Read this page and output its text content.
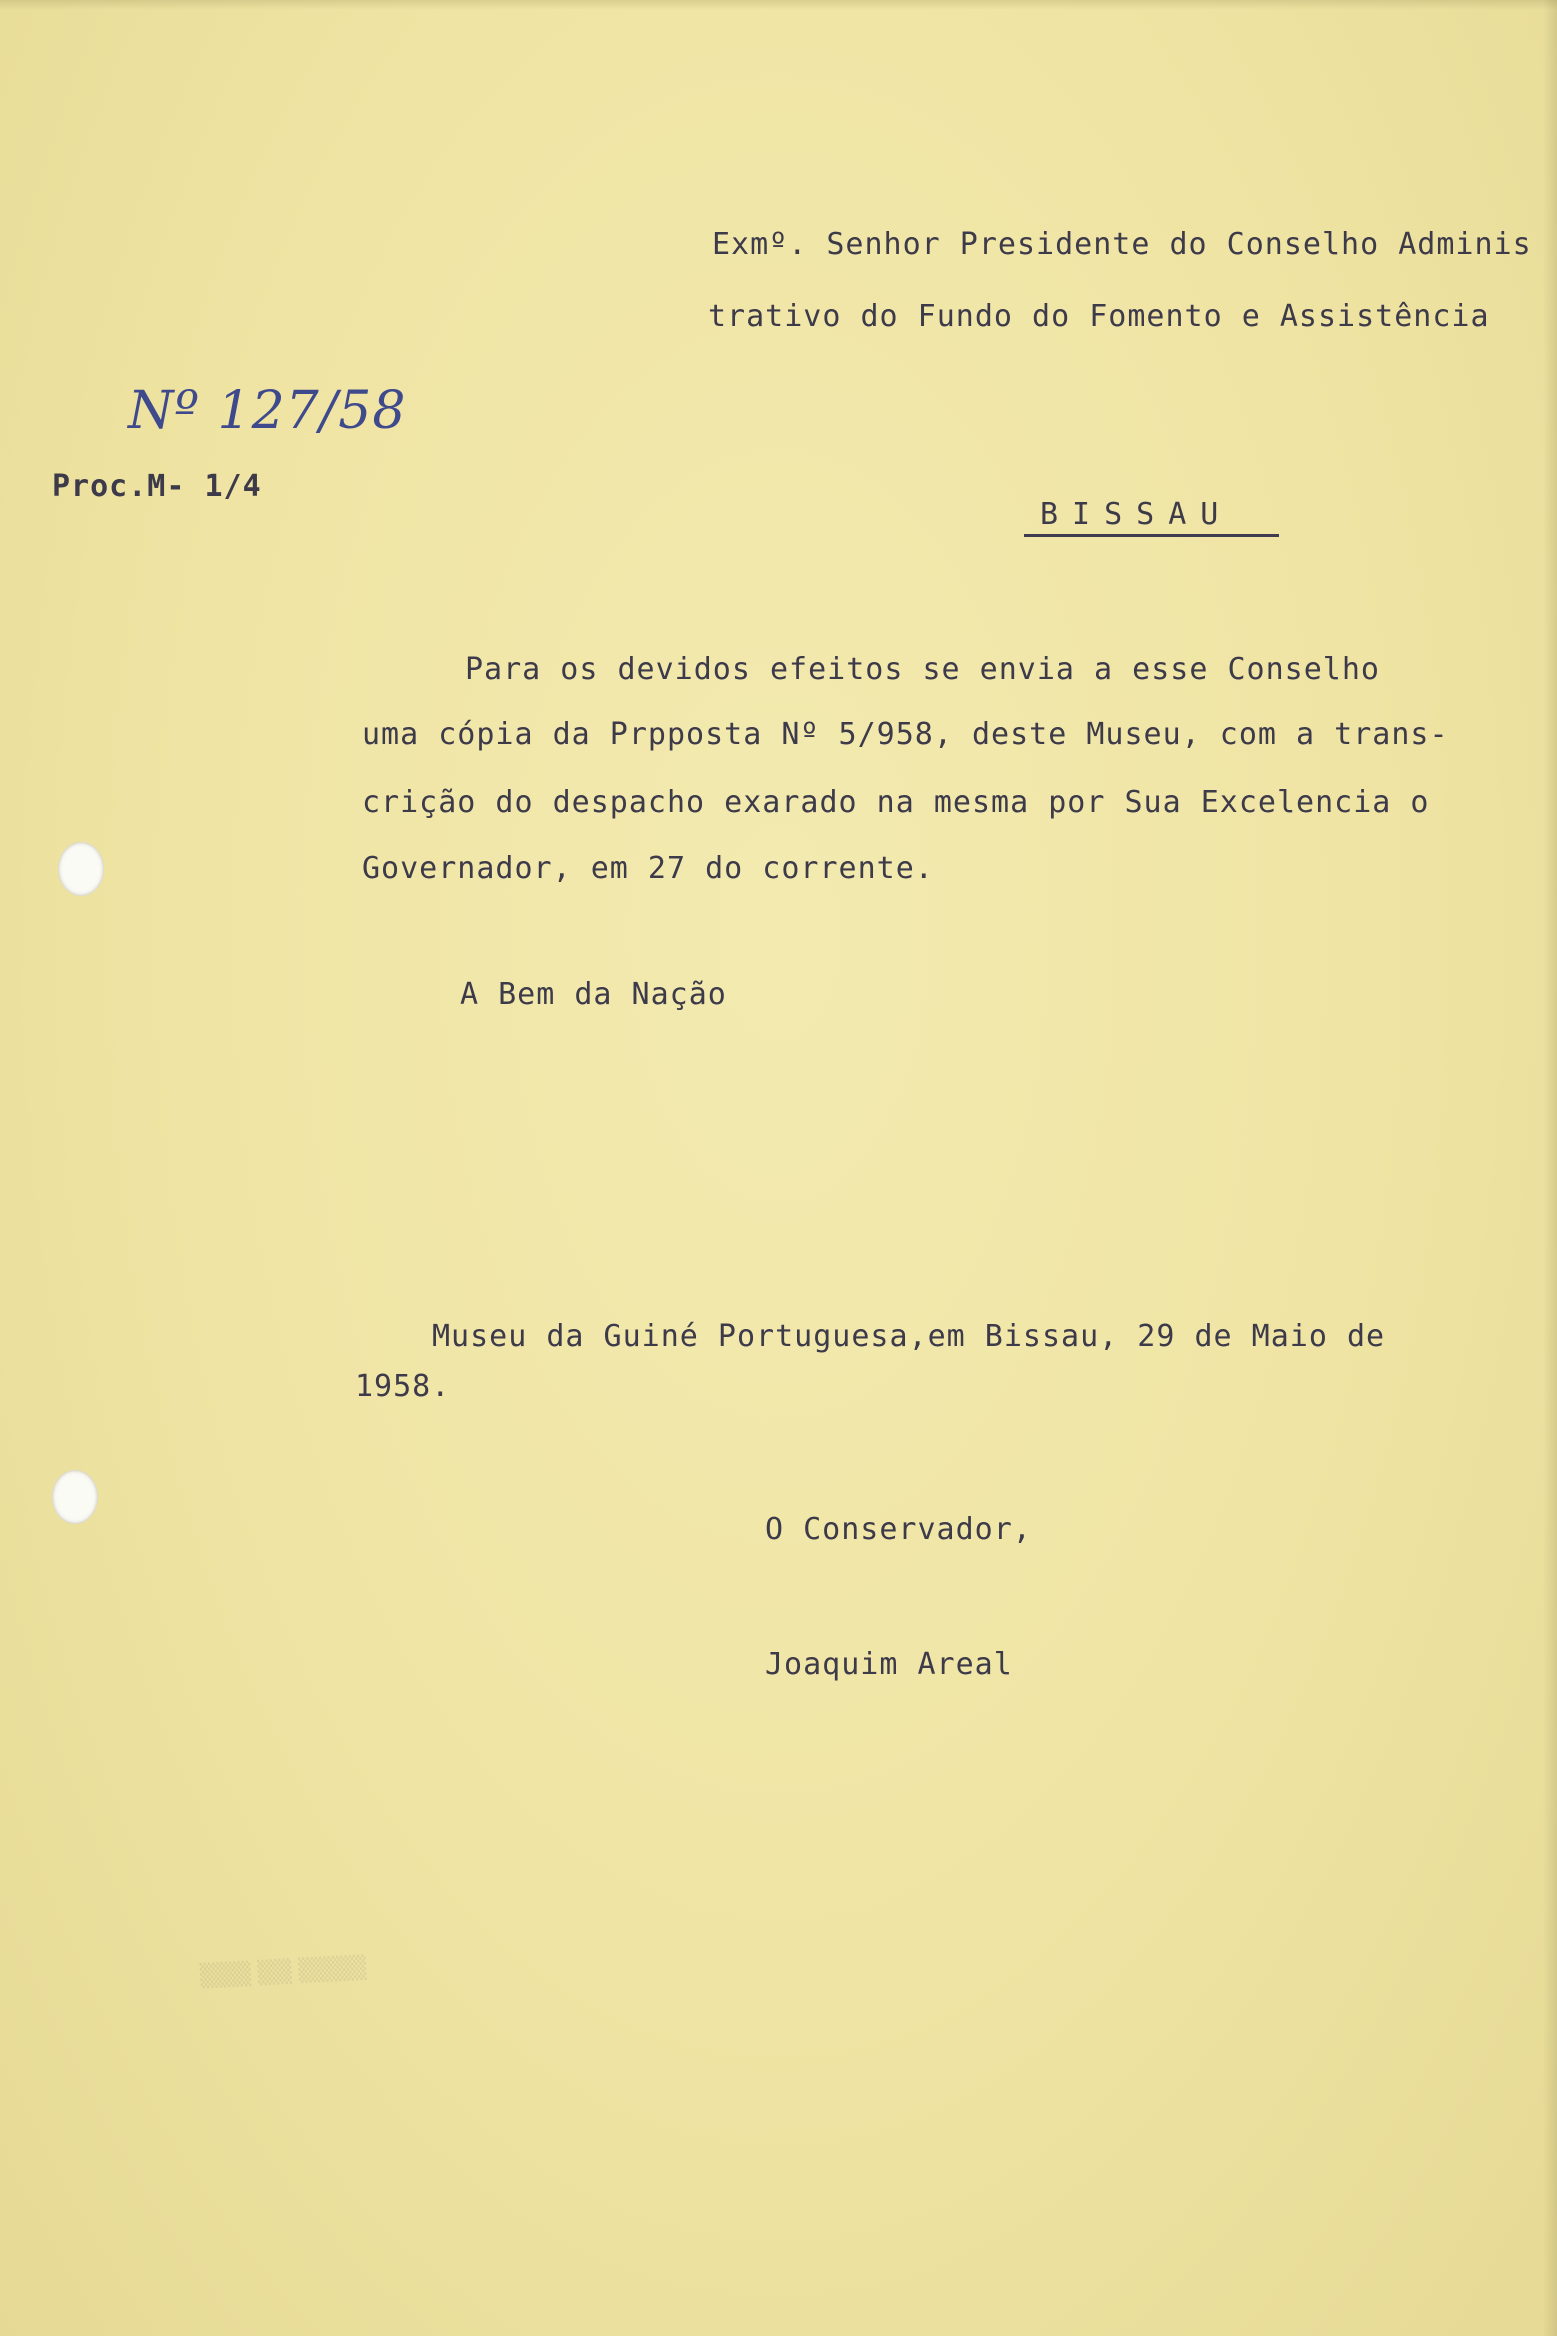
Exmº. Senhor Presidente do Conselho Adminis
trativo do Fundo do Fomento e Assistência
Nº 127/58
Proc.M- 1/4
BISSAU
Para os devidos efeitos se envia a esse Conselho
uma cópia da Prpposta Nº 5/958, deste Museu, com a trans-
crição do despacho exarado na mesma por Sua Excelencia o
Governador, em 27 do corrente.
A Bem da Nação
Museu da Guiné Portuguesa,em Bissau, 29 de Maio de
1958.
O Conservador,
Joaquim Areal
▒▒▒ ▒▒ ▒▒▒▒
